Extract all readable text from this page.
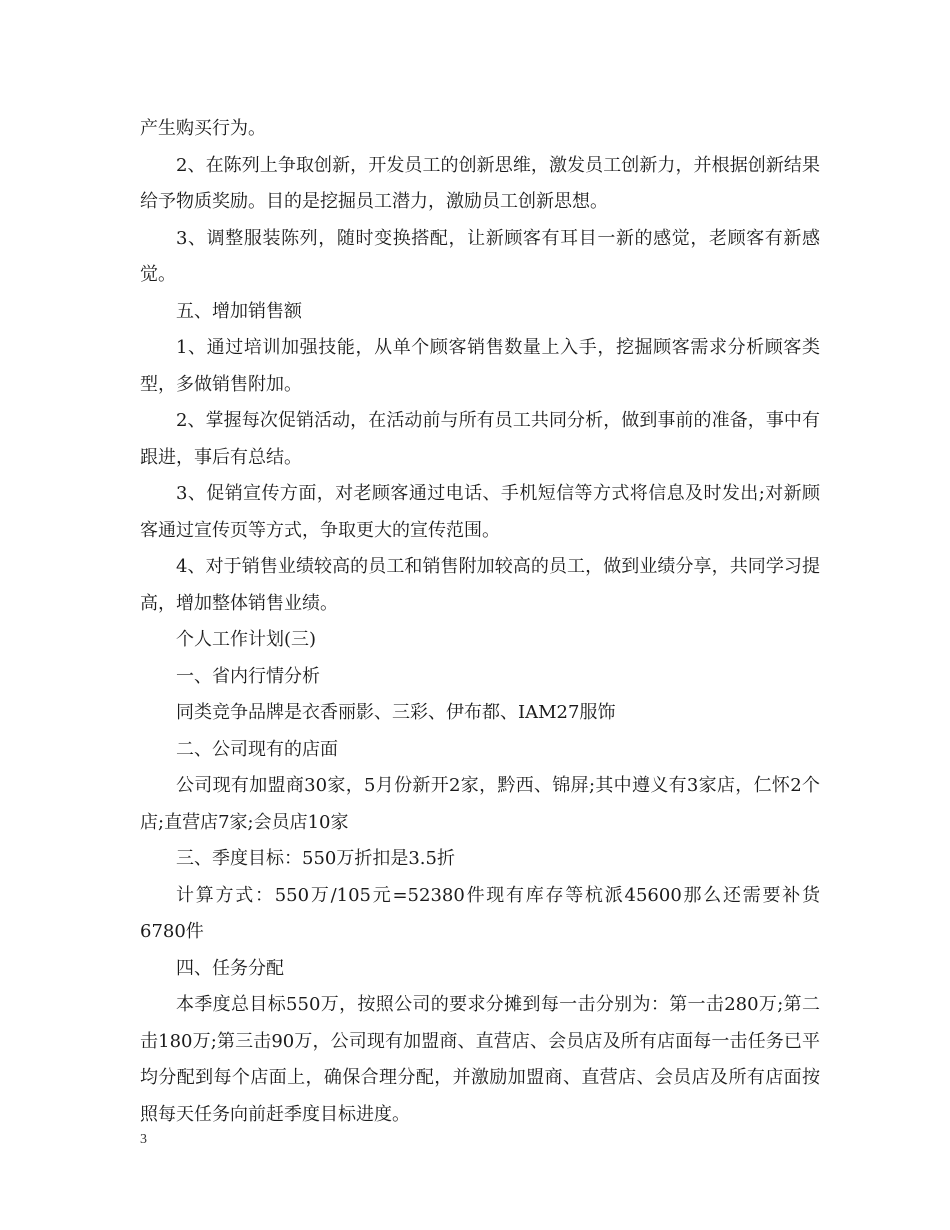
产生购买行为。

2、在陈列上争取创新，开发员工的创新思维，激发员工创新力，并根据创新结果给予物质奖励。目的是挖掘员工潜力，激励员工创新思想。

3、调整服装陈列，随时变换搭配，让新顾客有耳目一新的感觉，老顾客有新感觉。

五、增加销售额

1、通过培训加强技能，从单个顾客销售数量上入手，挖掘顾客需求分析顾客类型，多做销售附加。

2、掌握每次促销活动，在活动前与所有员工共同分析，做到事前的准备，事中有跟进，事后有总结。

3、促销宣传方面，对老顾客通过电话、手机短信等方式将信息及时发出;对新顾客通过宣传页等方式，争取更大的宣传范围。

4、对于销售业绩较高的员工和销售附加较高的员工，做到业绩分享，共同学习提高，增加整体销售业绩。

个人工作计划(三)

一、省内行情分析

同类竞争品牌是衣香丽影、三彩、伊布都、IAM27服饰

二、公司现有的店面

公司现有加盟商30家，5月份新开2家，黔西、锦屏;其中遵义有3家店，仁怀2个店;直营店7家;会员店10家

三、季度目标：550万折扣是3.5折

计算方式：550万/105元=52380件现有库存等杭派45600那么还需要补货6780件

四、任务分配

本季度总目标550万，按照公司的要求分摊到每一击分别为：第一击280万;第二击180万;第三击90万，公司现有加盟商、直营店、会员店及所有店面每一击任务已平均分配到每个店面上，确保合理分配，并激励加盟商、直营店、会员店及所有店面按照每天任务向前赶季度目标进度。

3
